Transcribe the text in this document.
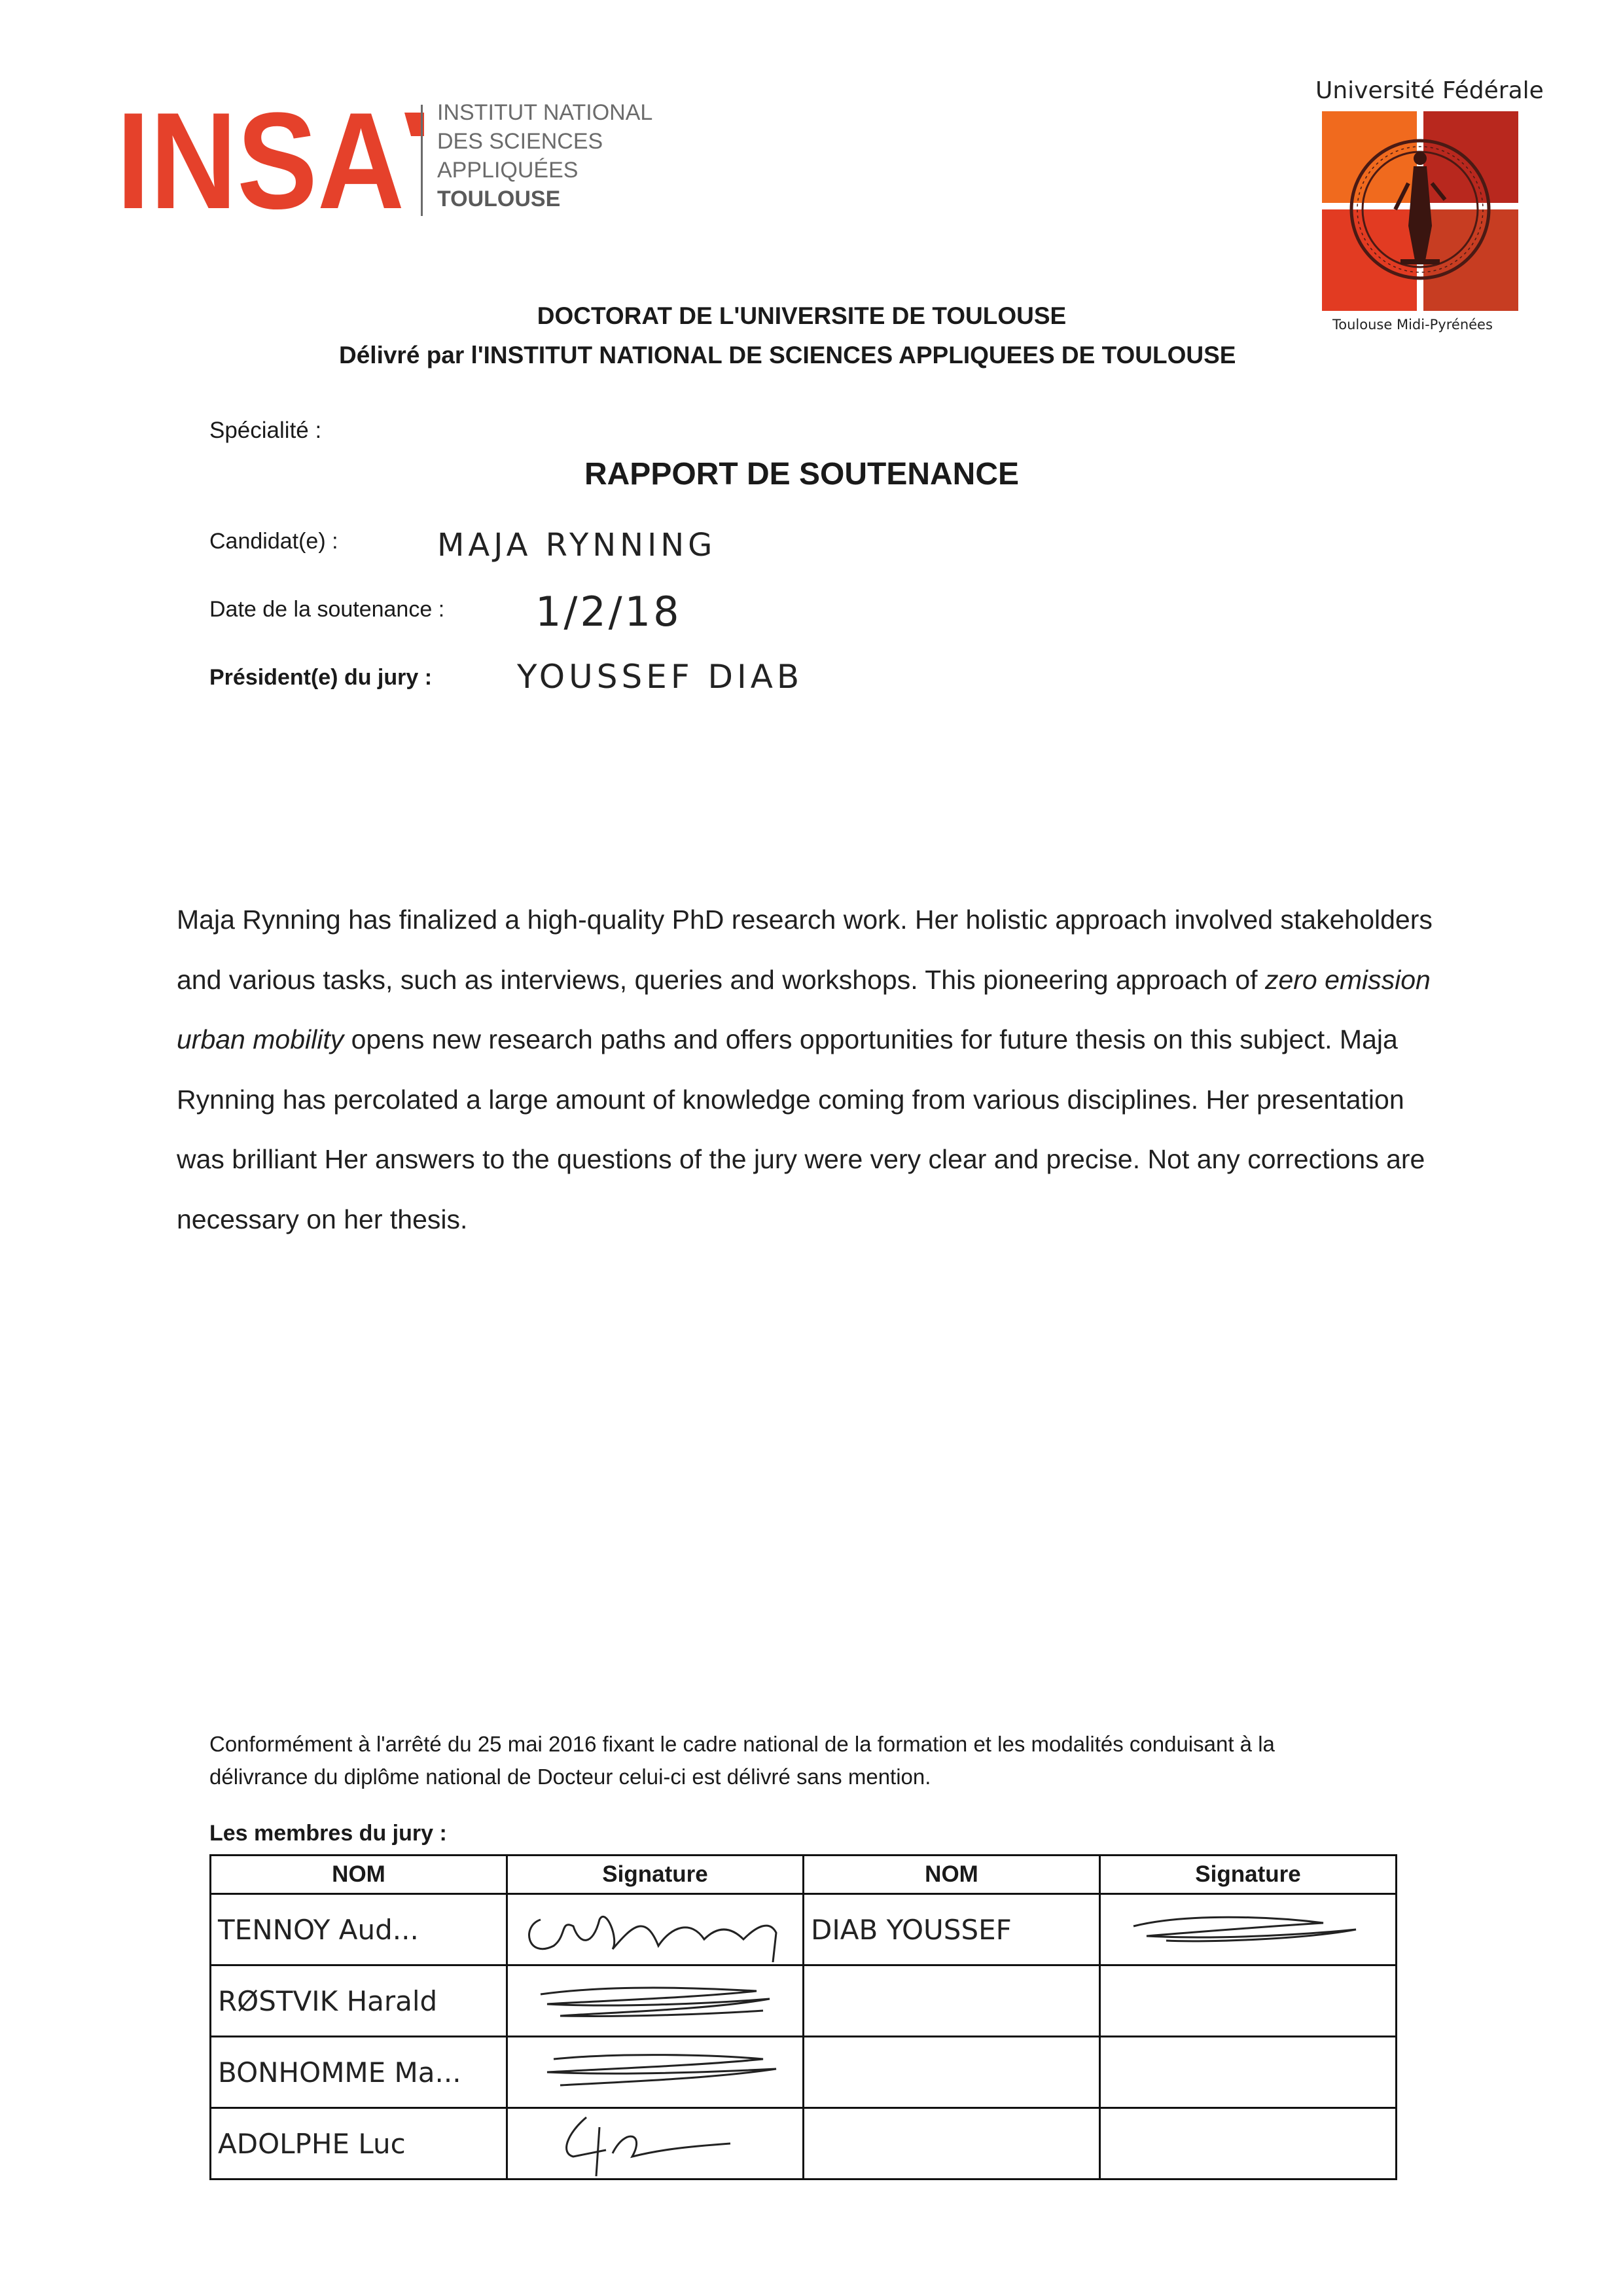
INSA INSTITUT NATIONAL
DES SCIENCES
APPLIQUÉES
TOULOUSE
Université Fédérale
Toulouse Midi-Pyrénées
DOCTORAT DE L'UNIVERSITE DE TOULOUSE
Délivré par l'INSTITUT NATIONAL DE SCIENCES APPLIQUEES DE TOULOUSE
Spécialité :
RAPPORT DE SOUTENANCE
Candidat(e) :	MAJA RYNNING
Date de la soutenance : 1/2/18
Président(e) du jury :	YOUSSEF DIAB
Maja Rynning has finalized a high-quality PhD research work. Her holistic approach involved stakeholders and various tasks, such as interviews, queries and workshops. This pioneering approach of zero emission urban mobility opens new research paths and offers opportunities for future thesis on this subject. Maja Rynning has percolated a large amount of knowledge coming from various disciplines. Her presentation was brilliant Her answers to the questions of the jury were very clear and precise. Not any corrections are necessary on her thesis.
Conformément à l'arrêté du 25 mai 2016 fixant le cadre national de la formation et les modalités conduisant à la délivrance du diplôme national de Docteur celui-ci est délivré sans mention.
Les membres du jury :
NOM	Signature	NOM	Signature
TENNOY Aud...		DIAB YOUSSEF	

RØSTVIK Harald	

BONHOMME Ma...	

ADOLPHE Luc	
